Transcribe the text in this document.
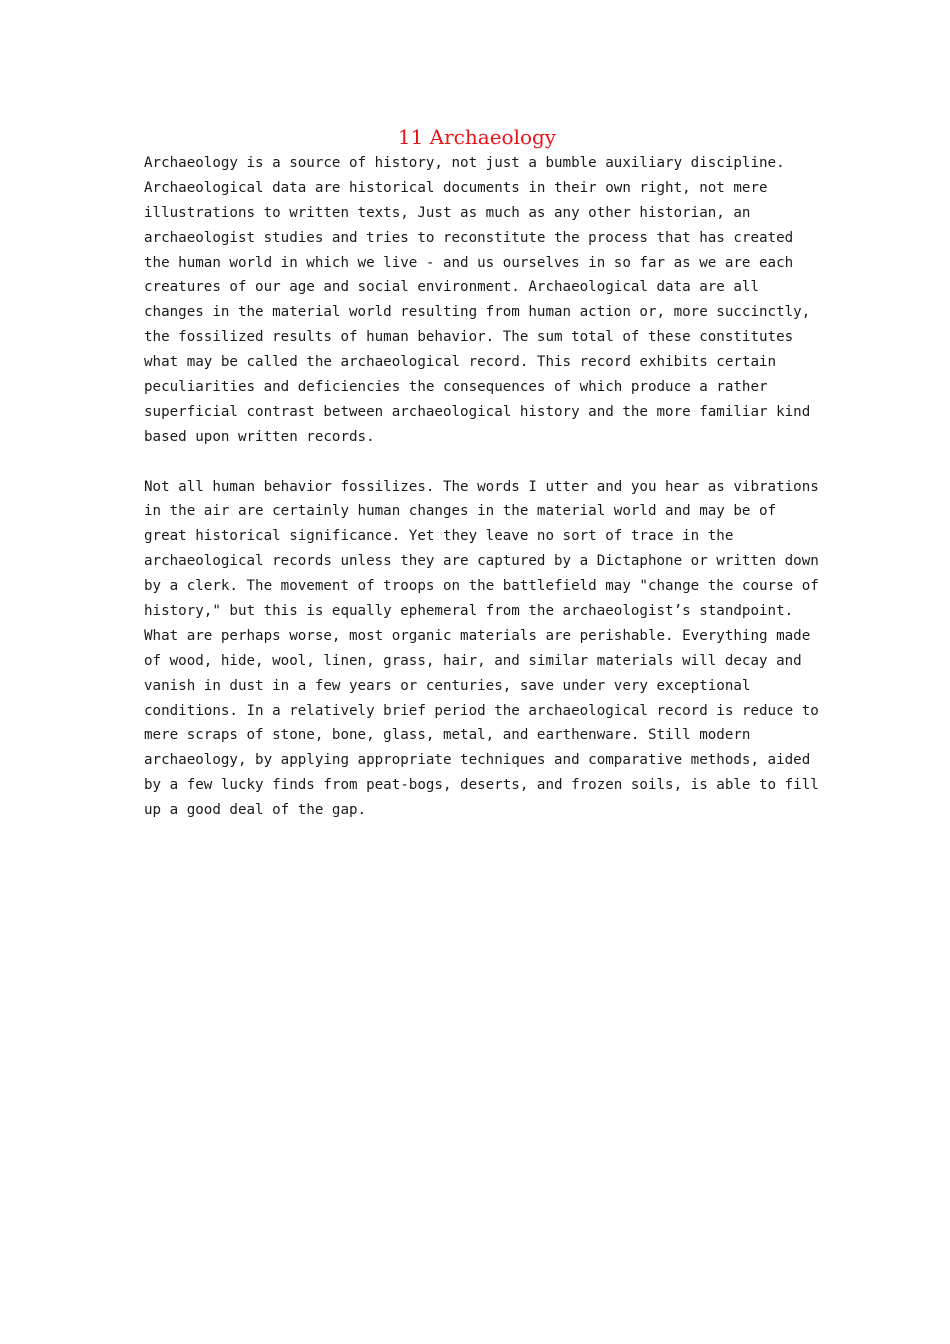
11 Archaeology
Archaeology is a source of history, not just a bumble auxiliary discipline.
Archaeological data are historical documents in their own right, not mere
illustrations to written texts, Just as much as any other historian, an
archaeologist studies and tries to reconstitute the process that has created
the human world in which we live - and us ourselves in so far as we are each
creatures of our age and social environment. Archaeological data are all
changes in the material world resulting from human action or, more succinctly,
the fossilized results of human behavior. The sum total of these constitutes
what may be called the archaeological record. This record exhibits certain
peculiarities and deficiencies the consequences of which produce a rather
superficial contrast between archaeological history and the more familiar kind
based upon written records.
Not all human behavior fossilizes. The words I utter and you hear as vibrations
in the air are certainly human changes in the material world and may be of
great historical significance. Yet they leave no sort of trace in the
archaeological records unless they are captured by a Dictaphone or written down
by a clerk. The movement of troops on the battlefield may "change the course of
history," but this is equally ephemeral from the archaeologist’s standpoint.
What are perhaps worse, most organic materials are perishable. Everything made
of wood, hide, wool, linen, grass, hair, and similar materials will decay and
vanish in dust in a few years or centuries, save under very exceptional
conditions. In a relatively brief period the archaeological record is reduce to
mere scraps of stone, bone, glass, metal, and earthenware. Still modern
archaeology, by applying appropriate techniques and comparative methods, aided
by a few lucky finds from peat-bogs, deserts, and frozen soils, is able to fill
up a good deal of the gap.
